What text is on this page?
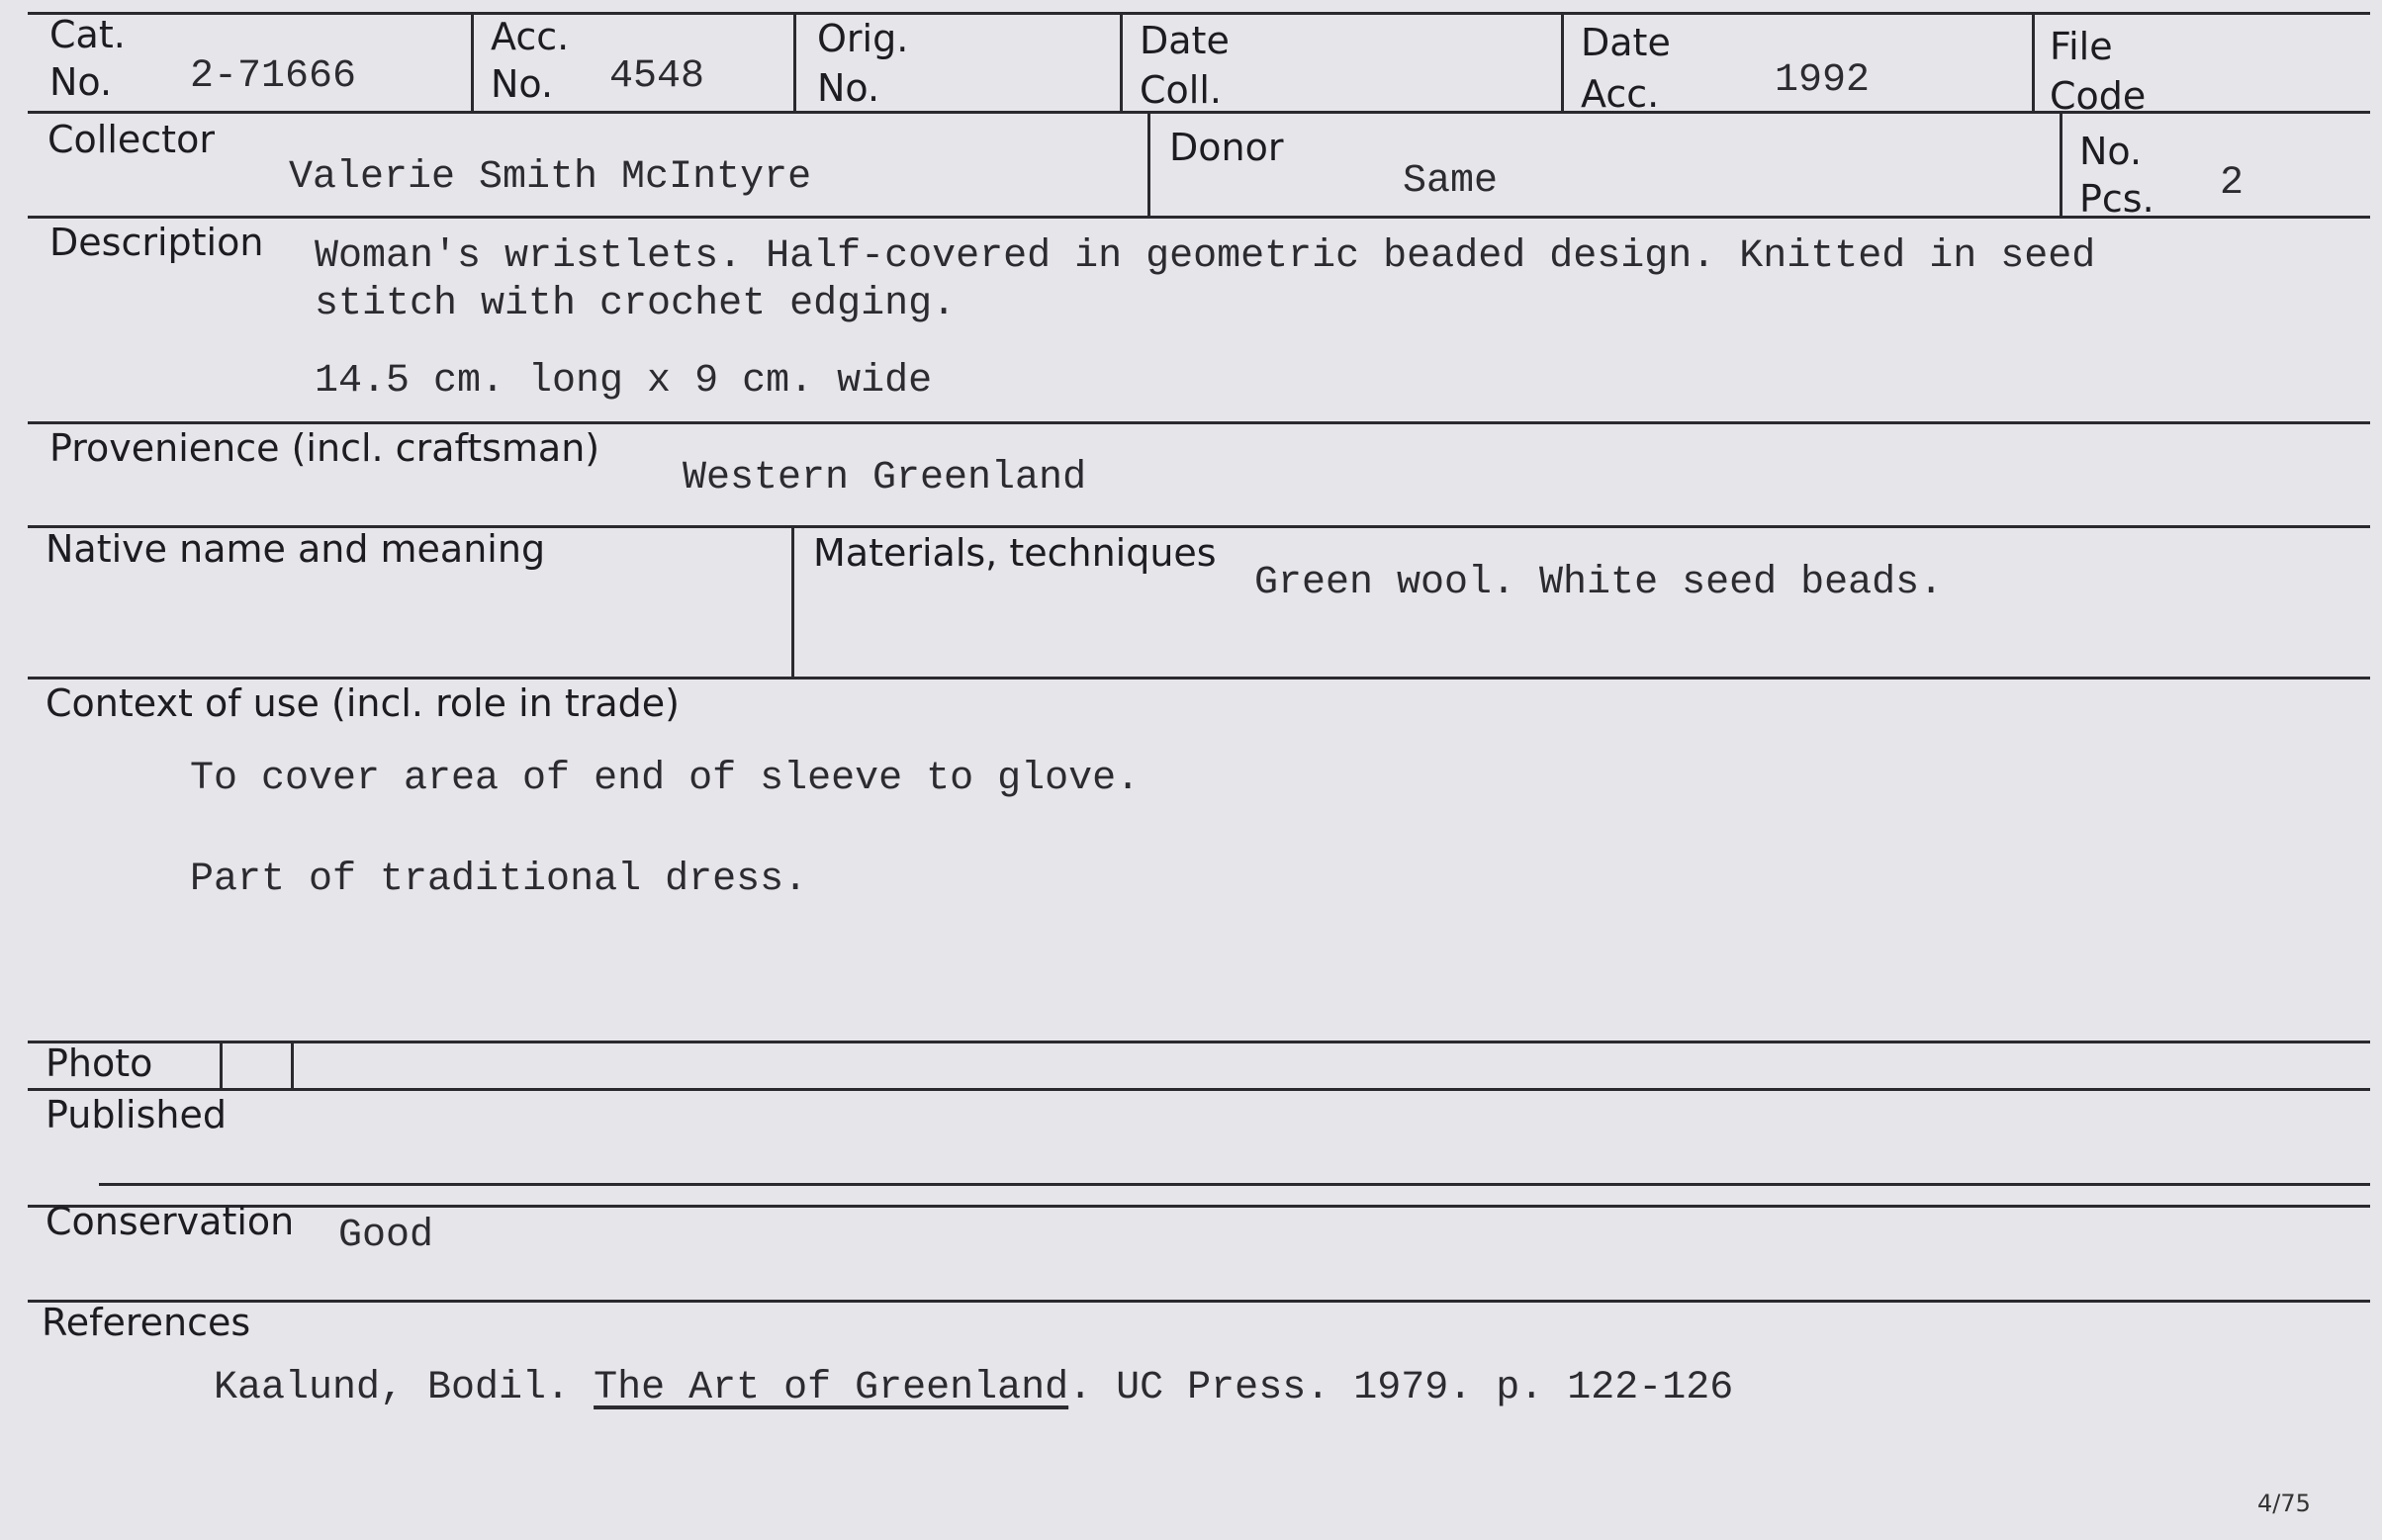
Cat.
No. 2-71666
Acc.
No. 4548
Orig.
No.
Date
Coll.
Date
Acc.	1992
File
Code
Collector
Valerie Smith McIntyre
Donor
Same
No.
Pcs. 2
Description Woman's wristlets. Half-covered in geometric beaded design. Knitted in seed
stitch with crochet edging.
14.5 cm. long x 9 cm. wide
Provenience (incl. craftsman)
Western Greenland
Native name and meaning	Materials, techniques
Green wool. White seed beads.
Context of use (incl. role in trade)
To cover area of end of sleeve to glove.
Part of traditional dress.
Photo
Published
Conservation Good
References
Kaalund, Bodil. The Art of Greenland. UC Press. 1979. p. 122-126
4/75
